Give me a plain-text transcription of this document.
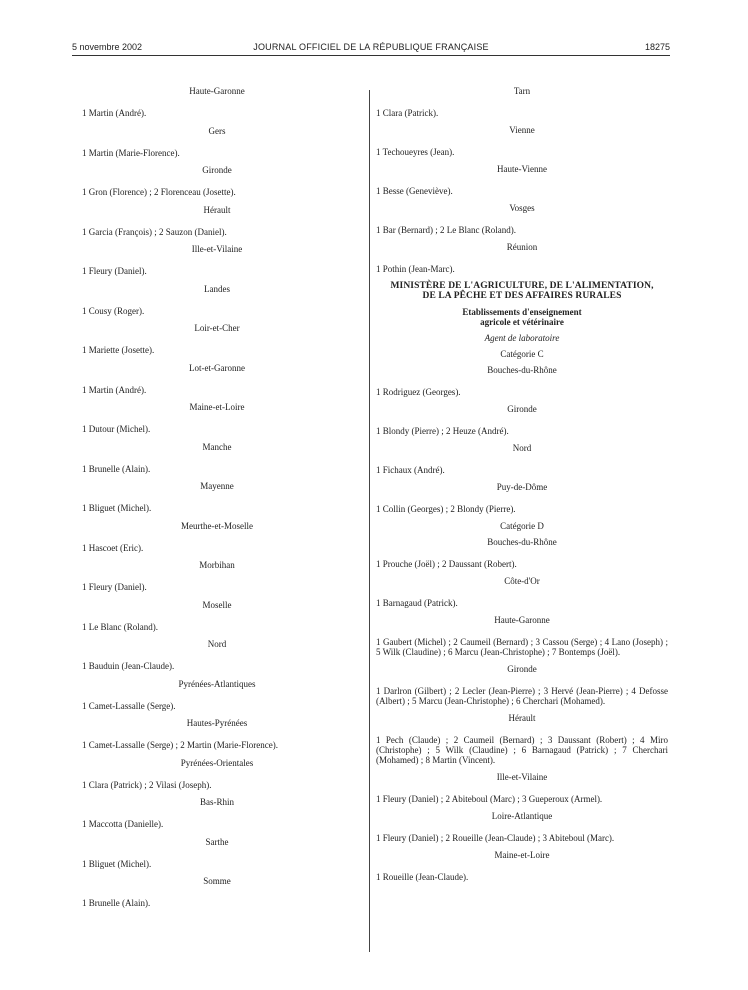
5 novembre 2002	JOURNAL OFFICIEL DE LA RÉPUBLIQUE FRANÇAISE	18275
Haute-Garonne
1 Martin (André).
Gers
1 Martin (Marie-Florence).
Gironde
1 Gron (Florence) ; 2 Florenceau (Josette).
Hérault
1 Garcia (François) ; 2 Sauzon (Daniel).
Ille-et-Vilaine
1 Fleury (Daniel).
Landes
1 Cousy (Roger).
Loir-et-Cher
1 Mariette (Josette).
Lot-et-Garonne
1 Martin (André).
Maine-et-Loire
1 Dutour (Michel).
Manche
1 Brunelle (Alain).
Mayenne
1 Bliguet (Michel).
Meurthe-et-Moselle
1 Hascoet (Eric).
Morbihan
1 Fleury (Daniel).
Moselle
1 Le Blanc (Roland).
Nord
1 Bauduin (Jean-Claude).
Pyrénées-Atlantiques
1 Camet-Lassalle (Serge).
Hautes-Pyrénées
1 Camet-Lassalle (Serge) ; 2 Martin (Marie-Florence).
Pyrénées-Orientales
1 Clara (Patrick) ; 2 Vilasi (Joseph).
Bas-Rhin
1 Maccotta (Danielle).
Sarthe
1 Bliguet (Michel).
Somme
1 Brunelle (Alain).
Tarn
1 Clara (Patrick).
Vienne
1 Techoueyres (Jean).
Haute-Vienne
1 Besse (Geneviève).
Vosges
1 Bar (Bernard) ; 2 Le Blanc (Roland).
Réunion
1 Pothin (Jean-Marc).
MINISTÈRE DE L'AGRICULTURE, DE L'ALIMENTATION,
DE LA PÊCHE ET DES AFFAIRES RURALES
Etablissements d'enseignement
agricole et vétérinaire
Agent de laboratoire
Catégorie C
Bouches-du-Rhône
1 Rodriguez (Georges).
Gironde
1 Blondy (Pierre) ; 2 Heuze (André).
Nord
1 Fichaux (André).
Puy-de-Dôme
1 Collin (Georges) ; 2 Blondy (Pierre).
Catégorie D
Bouches-du-Rhône
1 Prouche (Joël) ; 2 Daussant (Robert).
Côte-d'Or
1 Barnagaud (Patrick).
Haute-Garonne
1 Gaubert (Michel) ; 2 Caumeil (Bernard) ; 3 Cassou (Serge) ; 4 Lano (Joseph) ; 5 Wilk (Claudine) ; 6 Marcu (Jean-Christophe) ; 7 Bontemps (Joël).
Gironde
1 Darlron (Gilbert) ; 2 Lecler (Jean-Pierre) ; 3 Hervé (Jean-Pierre) ; 4 Defosse (Albert) ; 5 Marcu (Jean-Christophe) ; 6 Cherchari (Mohamed).
Hérault
1 Pech (Claude) ; 2 Caumeil (Bernard) ; 3 Daussant (Robert) ; 4 Miro (Christophe) ; 5 Wilk (Claudine) ; 6 Barnagaud (Patrick) ; 7 Cherchari (Mohamed) ; 8 Martin (Vincent).
Ille-et-Vilaine
1 Fleury (Daniel) ; 2 Abiteboul (Marc) ; 3 Gueperoux (Armel).
Loire-Atlantique
1 Fleury (Daniel) ; 2 Roueille (Jean-Claude) ; 3 Abiteboul (Marc).
Maine-et-Loire
1 Roueille (Jean-Claude).
